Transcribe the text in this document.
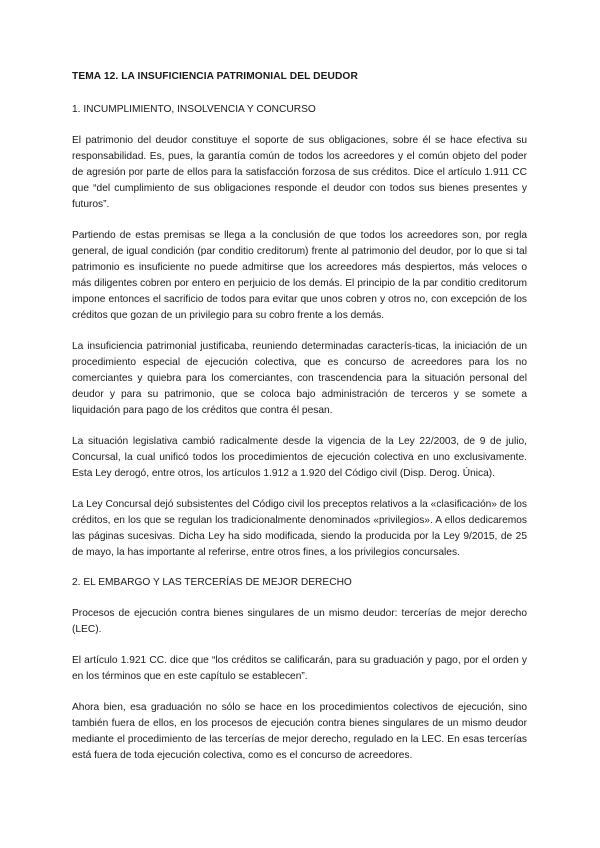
TEMA 12. LA INSUFICIENCIA PATRIMONIAL DEL DEUDOR
1. INCUMPLIMIENTO, INSOLVENCIA Y CONCURSO

El patrimonio del deudor constituye el soporte de sus obligaciones, sobre él se hace efectiva su responsabilidad. Es, pues, la garantía común de todos los acreedores y el común objeto del poder de agresión por parte de ellos para la satisfacción forzosa de sus créditos. Dice el artículo 1.911 CC que “del cumplimiento de sus obligaciones responde el deudor con todos sus bienes presentes y futuros”.

Partiendo de estas premisas se llega a la conclusión de que todos los acreedores son, por regla general, de igual condición (par conditio creditorum) frente al patrimonio del deudor, por lo que si tal patrimonio es insuficiente no puede admitirse que los acreedores más despiertos, más veloces o más diligentes cobren por entero en perjuicio de los demás. El principio de la par conditio creditorum impone entonces el sacrificio de todos para evitar que unos cobren y otros no, con excepción de los créditos que gozan de un privilegio para su cobro frente a los demás.

La insuficiencia patrimonial justificaba, reuniendo determinadas caracterís-ticas, la iniciación de un procedimiento especial de ejecución colectiva, que es concurso de acreedores para los no comerciantes y quiebra para los comerciantes, con trascendencia para la situación personal del deudor y para su patrimonio, que se coloca bajo administración de terceros y se somete a liquidación para pago de los créditos que contra él pesan.

La situación legislativa cambió radicalmente desde la vigencia de la Ley 22/2003, de 9 de julio, Concursal, la cual unificó todos los procedimientos de ejecución colectiva en uno exclusivamente. Esta Ley derogó, entre otros, los artículos 1.912 a 1.920 del Código civil (Disp. Derog. Única).

La Ley Concursal dejó subsistentes del Código civil los preceptos relativos a la «clasificación» de los créditos, en los que se regulan los tradicionalmente denominados «privilegios». A ellos dedicaremos las páginas sucesivas. Dicha Ley ha sido modificada, siendo la producida por la Ley 9/2015, de 25 de mayo, la has importante al referirse, entre otros fines, a los privilegios concursales.

2. EL EMBARGO Y LAS TERCERÍAS DE MEJOR DERECHO

Procesos de ejecución contra bienes singulares de un mismo deudor: tercerías de mejor derecho (LEC).

El artículo 1.921 CC. dice que “los créditos se calificarán, para su graduación y pago, por el orden y en los términos que en este capítulo se establecen”.

Ahora bien, esa graduación no sólo se hace en los procedimientos colectivos de ejecución, sino también fuera de ellos, en los procesos de ejecución contra bienes singulares de un mismo deudor mediante el procedimiento de las tercerías de mejor derecho, regulado en la LEC. En esas tercerías está fuera de toda ejecución colectiva, como es el concurso de acreedores.
